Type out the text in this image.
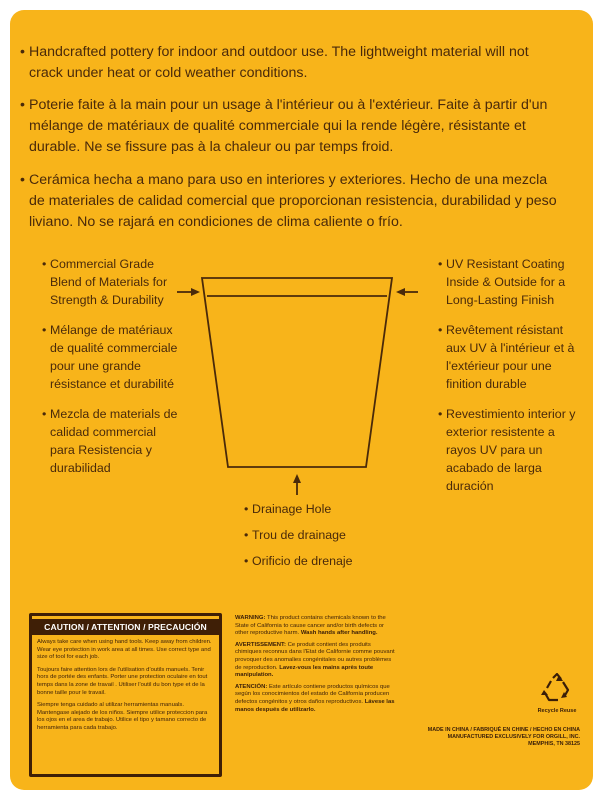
• Handcrafted pottery for indoor and outdoor use. The lightweight material will not crack under heat or cold weather conditions.
• Poterie faite à la main pour un usage à l'intérieur ou à l'extérieur. Faite à partir d'un mélange de matériaux de qualité commerciale qui la rende légère, résistante et durable. Ne se fissure pas à la chaleur ou par temps froid.
• Cerámica hecha a mano para uso en interiores y exteriores. Hecho de una mezcla de materiales de calidad comercial que proporcionan resistencia, durabilidad y peso liviano. No se rajará en condiciones de clima caliente o frío.
• Commercial Grade Blend of Materials for Strength & Durability
• Mélange de matériaux de qualité commerciale pour une grande résistance et durabilité
• Mezcla de materials de calidad commercial para Resistencia y durabilidad
• UV Resistant Coating Inside & Outside for a Long-Lasting Finish
• Revêtement résistant aux UV à l'intérieur et à l'extérieur pour une finition durable
• Revestimiento interior y exterior resistente a rayos UV para un acabado de larga duración
• Drainage Hole
• Trou de drainage
• Orificio de drenaje
CAUTION / ATTENTION / PRECAUCIÓN

Always take care when using hand tools. Keep away from children. Wear eye protection in work area at all times. Use correct type and size of tool for each job.

Toujours faire attention lors de l'utilisation d'outils manuels. Tenir hors de portée des enfants. Porter une protection oculaire en tout temps dans la zone de travail . Utiliser l'outil du bon type et de la bonne taille pour le travail.

Siempre tenga cuidado al utilizar herramientas manuals. Mantengase alejado de los niños. Siempre utilice proteccion para los ojos en el area de trabajo. Utilice el tipo y tamano correcto de herramienta para cada trabajo.

WARNING: This product contains chemicals known to the State of California to cause cancer and/or birth defects or other reproductive harm. Wash hands after handling.

AVERTISSEMENT: Ce produit contient des produits chimiques reconnus dans l'Etat de Californie comme pouvant provoquer des anomalies congénitales ou autres problèmes de reproduction. Lavez-vous les mains après toute manipulation.

ATENCIÓN: Este artículo contiene productos químicos que según los conocimientos del estado de California producen defectos congénitos y otros daños reproductivos. Lávese las manos después de utilizarlo.	Recycle Reuse
MADE IN CHINA / FABRIQUÉ EN CHINE / HECHO EN CHINA
MANUFACTURED EXCLUSIVELY FOR ORGILL, INC.
MEMPHIS, TN 38125
